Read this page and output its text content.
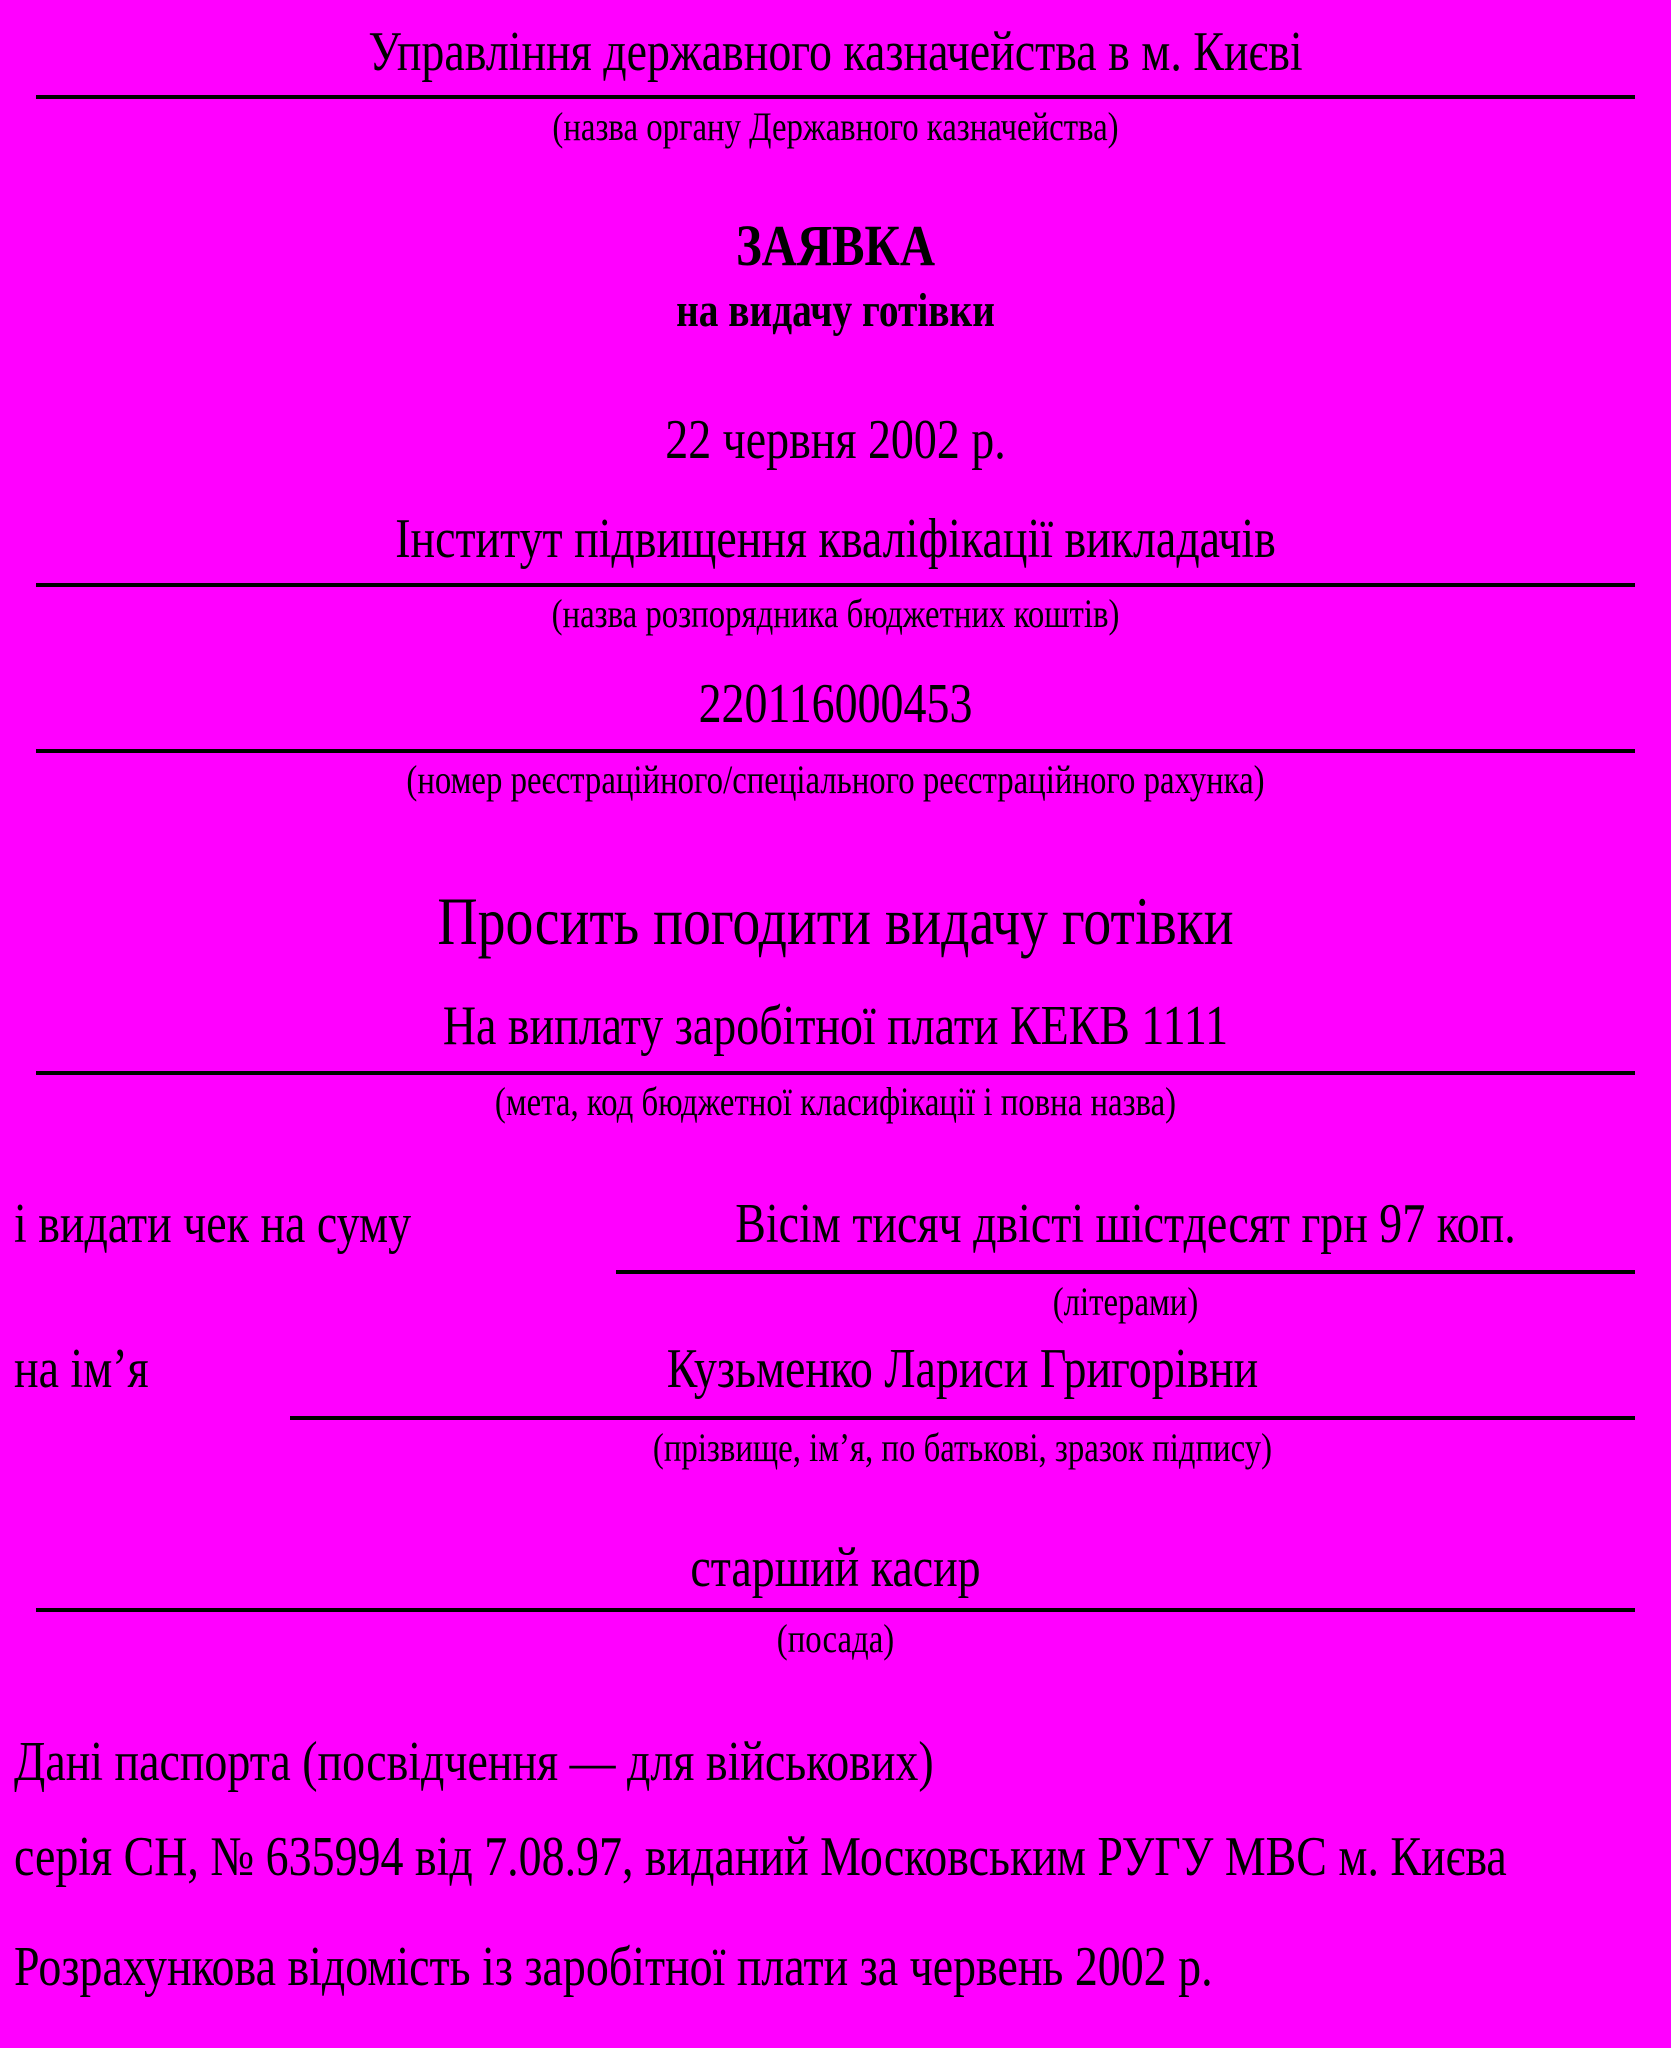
Управління державного казначейства в м. Києві
(назва органу Державного казначейства)
ЗАЯВКА
на видачу готівки
22 червня 2002 р.
Інститут підвищення кваліфікації викладачів
(назва розпорядника бюджетних коштів)
220116000453
(номер реєстраційного/спеціального реєстраційного рахунка)
Просить погодити видачу готівки
На виплату заробітної плати КЕКВ 1111
(мета, код бюджетної класифікації і повна назва)
і видати чек на суму	Вісім тисяч двісті шістдесят грн 97 коп.
(літерами)
на імʼя	Кузьменко Лариси Григорівни
(прізвище, імʼя, по батькові, зразок підпису)
старший касир
(посада)
Дані паспорта (посвідчення — для військових)
серія СН, № 635994 від 7.08.97, виданий Московським РУГУ МВС м. Києва
Розрахункова відомість із заробітної плати за червень 2002 р.
